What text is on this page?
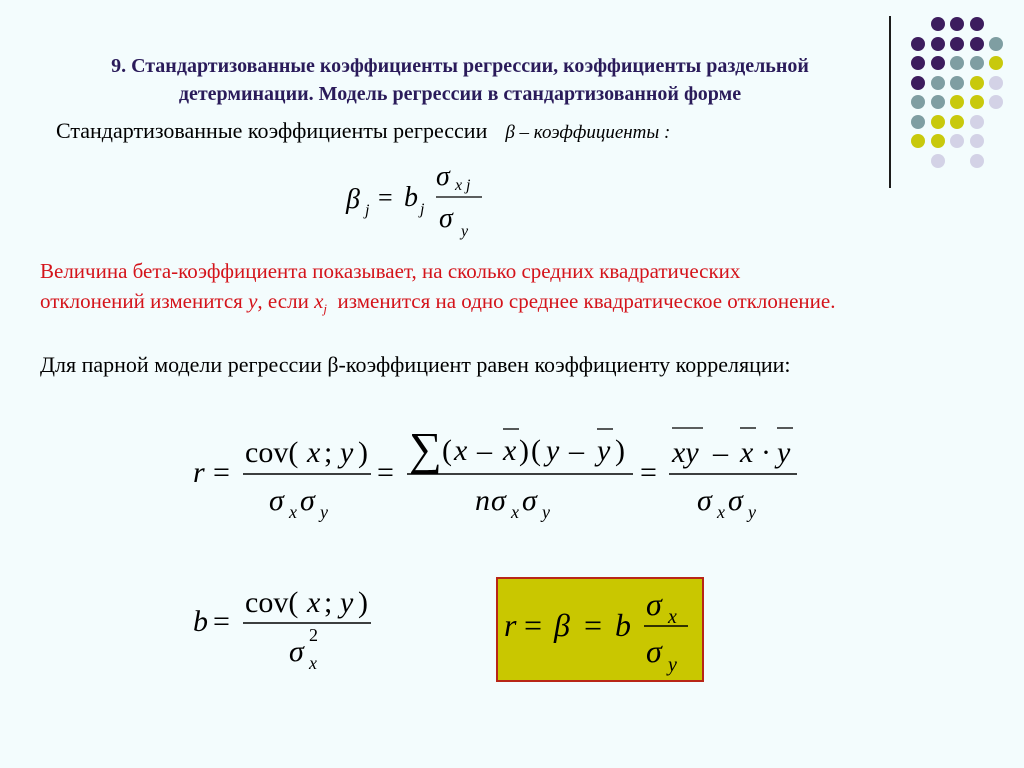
9. Стандартизованные коэффициенты регрессии, коэффициенты раздельной
детерминации. Модель регрессии в стандартизованной форме
Стандартизованные коэффициенты регрессии β – коэффициенты :
β j = b j
σ x j
σ y
Величина бета-коэффициента показывает, на сколько средних квадратических
отклонений изменится y, если $x_j$ изменится на одно среднее квадратическое отклонение.
Для парной модели регрессии β-коэффициент равен коэффициенту корреляции:
r =
cov( x ; y )
σ x σ y
= ∑ ( x – x ) ( y – y )
n σ x σ y
=
xy – x · y
σ x σ y
b =
cov( x ; y )
σ x
2	r = β = b
σ x
σ y
